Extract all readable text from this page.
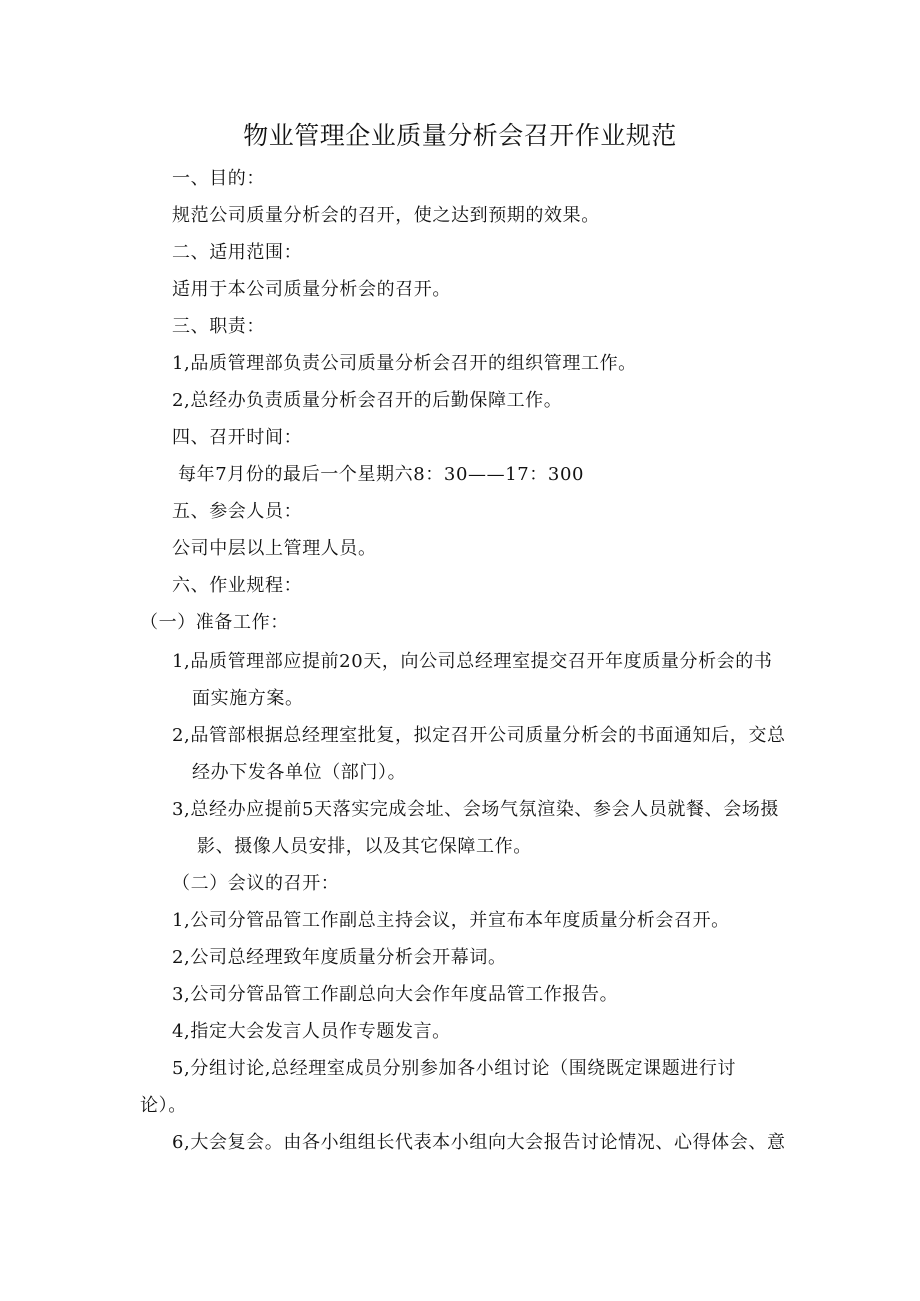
物业管理企业质量分析会召开作业规范
一、目的：
规范公司质量分析会的召开，使之达到预期的效果。
二、适用范围：
适用于本公司质量分析会的召开。
三、职责：
1,品质管理部负责公司质量分析会召开的组织管理工作。
2,总经办负责质量分析会召开的后勤保障工作。
四、召开时间：
每年7月份的最后一个星期六8：30——17：300
五、参会人员：
公司中层以上管理人员。
六、作业规程：
（一）准备工作：
1,品质管理部应提前20天，向公司总经理室提交召开年度质量分析会的书
面实施方案。
2,品管部根据总经理室批复，拟定召开公司质量分析会的书面通知后，交总
经办下发各单位（部门）。
3,总经办应提前5天落实完成会址、会场气氛渲染、参会人员就餐、会场摄
影、摄像人员安排，以及其它保障工作。
（二）会议的召开：
1,公司分管品管工作副总主持会议，并宣布本年度质量分析会召开。
2,公司总经理致年度质量分析会开幕词。
3,公司分管品管工作副总向大会作年度品管工作报告。
4,指定大会发言人员作专题发言。
5,分组讨论,总经理室成员分别参加各小组讨论（围绕既定课题进行讨
论）。
6,大会复会。由各小组组长代表本小组向大会报告讨论情况、心得体会、意
